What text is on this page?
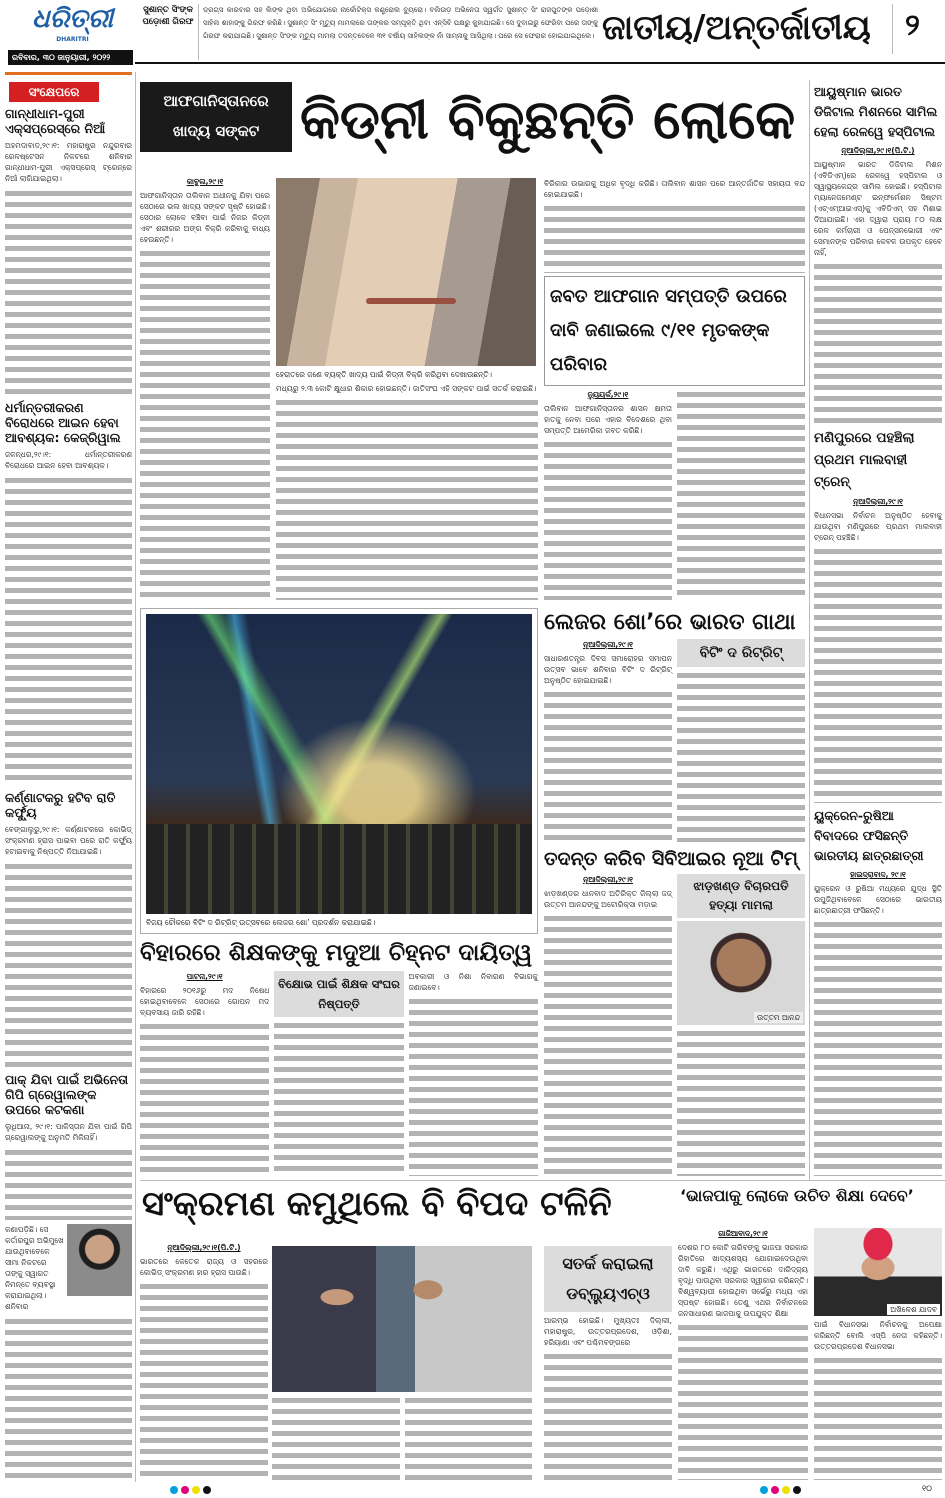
ଧରିତ୍ରୀ
DHARITRI
ରବିବାର, ୩୦ ଜାନୁୟାରୀ, ୨୦୨୨
ସୁଶାନ୍ତ ସିଂଙ୍କ ପଡ଼ୋଶୀ ଗିରଫ
ଡ୍ରଗ୍ସ କାରବାର ସହ ଲିଙ୍କ ଥିବା ଅଭିଯୋଗରେ ନାର୍କୋଟିକ୍ସ କଣ୍ଟ୍ରୋଲ ବ୍ୟୁରୋ। ବଲିଉଡ଼ ଅଭିନେତା ସ୍ୱର୍ଗତ ସୁଶାନ୍ତ ସିଂ ରାଜପୁତଙ୍କ ପଡ଼ୋଶୀ ସାହିଲ ଶାହାଙ୍କୁ ଗିରଫ କରିଛି। ସୁଶାନ୍ତ ସିଂ ମୃତ୍ୟୁ ମାମଲାରେ ତାଙ୍କର ସମ୍ପୃକ୍ତି ଥିବା ଏନ୍‌ସିବି ପକ୍ଷରୁ କୁହାଯାଇଛି। ସେ ଦୁବାଇରୁ ଫେରିବା ପରେ ତାଙ୍କୁ ଗିରଫ କରାଯାଇଛି। ସୁଶାନ୍ତ ସିଂଙ୍କ ମୃତ୍ୟୁ ମାମଲା ତଦନ୍ତବେଳେ ୩୧ ବର୍ଷୀୟ ସାହିଲଙ୍କ ନାଁ ସାମ୍ନାକୁ ଆସିଥିଲା। ପରେ ସେ ଫେରାର ହୋଇଯାଇଥିଲେ। ଜାତୀୟ/ଅନ୍ତର୍ଜାତୀୟ	୨
ସଂକ୍ଷେପରେ
ଗାନ୍ଧୀଧାମ-ପୁରୀ ଏକ୍ସପ୍ରେସ୍‌ରେ ନିଆଁ
ଅହମଦାବାଦ,୨୯।୧: ମହାରାଷ୍ଟ୍ର ନନ୍ଦୁରବାର ରେଳଷ୍ଟେସନ ନିକଟରେ ଶନିବାର ଗାନ୍ଧୀଧାମ-ପୁରୀ ଏକ୍ସପ୍ରେସ୍ ଟ୍ରେନ୍‌ରେ ନିଆଁ ଲାଗିଯାଇଥିଲା।
ଧର୍ମାନ୍ତରୀକରଣ ବିରୋଧରେ ଆଇନ ହେବା ଆବଶ୍ୟକ: କେଜ୍‌ରିୱାଲ
ଜଳନ୍ଧର,୨୯।୧: ଧର୍ମାନ୍ତରୀକରଣ ବିରୋଧରେ ଆଇନ ହେବା ଆବଶ୍ୟକ।
କର୍ଣ୍ଣାଟକରୁ ହଟିବ ରାତି କର୍ଫ୍ୟୁ
ବେଙ୍ଗାଲୁରୁ,୨୯।୧: କର୍ଣ୍ଣାଟକରେ କୋଭିଡ୍ ସଂକ୍ରମଣ ହ୍ରାସ ପାଇବା ପରେ ରାତି କର୍ଫ୍ୟୁ ହଟାଇବାକୁ ନିଷ୍ପତ୍ତି ନିଆଯାଇଛି।
ପାକ୍ ଯିବା ପାଇଁ ଅଭିନେତା ଗିପି ଗ୍ରେୱାଲଙ୍କ ଉପରେ କଟକଣା
ଲୁଧିଆନା, ୨୯।୧: ପାକିସ୍ତାନ ଯିବା ପାଇଁ ଗିପି ଗ୍ରେୱାଲଙ୍କୁ ଅନୁମତି ମିଳିନାହିଁ।
କଣାପଡ଼ିଛି। ସେ କର୍ତାରପୁର ଅଭିମୁଖେ ଯାଉଥିବାବେଳେ ସୀମା ନିକଟରେ ତାଙ୍କୁ ସ୍ୱାଗତ ନିମନ୍ତେ ବ୍ୟବସ୍ଥା କରାଯାଇଥିଲା। ଶନିବାର
ଆଫଗାନିସ୍ତାନରେ ଖାଦ୍ୟ ସଙ୍କଟ କିଡ୍‌ନୀ ବିକୁଛନ୍ତି ଲୋକେ
କାବୁଲ,୨୯।୧
ଆଫଗାନିସ୍ତାନ ତାଲିବାନ ଅଧୀନକୁ ଯିବା ପରେ ସେଠାରେ ଭଲ ଖାଦ୍ୟ ସଙ୍କଟ ସୃଷ୍ଟି ହୋଇଛି। ସେଠାର ଲୋକେ ବଞ୍ଚିବା ପାଇଁ ନିଜର କିଡ୍‌ନୀ ଏବଂ ଶରୀରର ଅଙ୍ଗ ବିକ୍ରି କରିବାକୁ ବାଧ୍ୟ ହେଉଛନ୍ତି।
ହେରାତରେ ଜଣେ ବ୍ୟକ୍ତି ଖାଦ୍ୟ ପାଇଁ କିଡ୍‌ନୀ ବିକ୍ରି କରିଥିବା ଦେଖାଉଛନ୍ତି।
ମଧ୍ୟରୁ ୨.୩ କୋଟି କ୍ଷୁଧାର ଶିକାର ହୋଇଛନ୍ତି। ଜାତିସଂଘ ଏହି ସଙ୍କଟ ପାଇଁ ସତର୍କ କରାଇଛି।
ବିରିକାର ଉଭାରକୁ ଅଧିକ ବୃଦ୍ଧି କରିଛି। ତାଲିବାନ ଶାସନ ପରେ ଆନ୍ତର୍ଜାତିକ ସହାୟତା ବନ୍ଦ ହୋଇଯାଇଛି।
ଜବତ ଆଫଗାନ ସମ୍ପତ୍ତି ଉପରେ ଦାବି ଜଣାଇଲେ ୯/୧୧ ମୃତକଙ୍କ ପରିବାର
ନ୍ୟୁୟର୍କ,୨୯।୧
ତାଲିବାନ ଆଫଗାନିସ୍ତାନର ଶାସନ କ୍ଷମତା ହାତକୁ ନେବା ପରେ ଏହାର ବିଦେଶରେ ଥିବା ସମ୍ପତ୍ତି ଆମେରିକା ଜବତ କରିଛି।
ଆୟୁଷ୍ମାନ ଭାରତ ଡିଜିଟାଲ ମିଶନରେ ସାମିଲ ହେଲା ରେଳୱେ ହସ୍ପିଟାଲ
ନୂଆଦିଲ୍ଲୀ,୨୯।୧(ପି.ଟି.)
ଆୟୁଷ୍ମାନ ଭାରତ ଡିଜିଟାଲ ମିଶନ (ଏବିଡିଏମ୍)ରେ ରେଳୱେ ହସ୍ପିଟାଲ ଓ ସ୍ୱାସ୍ଥ୍ୟକେନ୍ଦ୍ର ସାମିଲ ହୋଇଛି। ହସ୍ପିଟାଲ ମ୍ୟାନେଜମେଣ୍ଟ ଇନ୍‌ଫର୍ମେଶନ ସିଷ୍ଟମ (ଏଚ୍‌ଏମ୍‌ଆଇଏସ୍)କୁ ଏବିଡିଏମ୍ ସହ ମିଶାଇ ଦିଆଯାଇଛି। ଏହା ଦ୍ୱାରା ପ୍ରାୟ ୮୦ ଲକ୍ଷ ରେଳ କର୍ମଚାରୀ ଓ ପେନ୍‌ସନଭୋଗୀ ଏବଂ ସେମାନଙ୍କ ପରିବାର କେବଳ ଉପକୃତ ହେବେ ନାହିଁ,
ମଣିପୁରରେ ପହଞ୍ଚିଲା ପ୍ରଥମ ମାଲବାହୀ ଟ୍ରେନ୍
ନୂଆଦିଲ୍ଲୀ,୨୯।୧
ବିଧାନସଭା ନିର୍ବାଚନ ଅନୁଷ୍ଠିତ ହେବାକୁ ଯାଉଥିବା ମଣିପୁରରେ ପ୍ରଥମ ମାଲବାହୀ ଟ୍ରେନ୍ ପହଞ୍ଚିଛି।
ୟୁକ୍ରେନ-ରୁଷିଆ ବିବାଦରେ ଫସିଛନ୍ତି ଭାରତୀୟ ଛାତ୍ରଛାତ୍ରୀ
ହାଇଦ୍ରାବାଦ, ୨୯।୧
ୟୁକ୍ରେନ ଓ ରୁଷିଆ ମଧ୍ୟରେ ଯୁଦ୍ଧ ସ୍ଥିତି ଉପୁଜିଥିବାବେଳେ ସେଠାରେ ଭାରତୀୟ ଛାତ୍ରଛାତ୍ରୀ ଫସିଛନ୍ତି।
ବିଜୟ ଚୌକରେ ବିଟିଂ ଦ ରିଟ୍ରିଟ୍ ଉତ୍ସବରେ ଲେଜର ଶୋ’ ପ୍ରଦର୍ଶନ କରାଯାଇଛି।
ଲେଜର ଶୋ’ରେ ଭାରତ ଗାଥା
ନୂଆଦିଲ୍ଲୀ,୨୯।୧
ସାଧାରଣତନ୍ତ୍ର ଦିବସ ସମାରୋହର ସମାପନ ଉତ୍ସବ ଭାବେ ଶନିବାର ବିଟିଂ ଦ ରିଟ୍ରିଟ୍ ଅନୁଷ୍ଠିତ ହୋଇଯାଇଛି।
ବିଟିଂ ଦ ରିଟ୍ରିଟ୍
ତଦନ୍ତ କରିବ ସିବିଆଇର ନୂଆ ଟିମ୍
ନୂଆଦିଲ୍ଲୀ,୨୯।୧
ଝାଡ଼ଖଣ୍ଡର ଧାନବାଦ ଅତିରିକ୍ତ ଜିଲ୍ଲା ଜଜ୍ ଉତ୍ତମ ଆନନ୍ଦଙ୍କୁ ଅଟୋରିକ୍ସା ମଡ଼ାଇ
ଝାଡ଼ଖଣ୍ଡ ବିଚାରପତି ହତ୍ୟା ମାମଲା
ଉତ୍ତମ ଆନନ୍ଦ
ବିହାରରେ ଶିକ୍ଷକଙ୍କୁ ମଦୁଆ ଚିହ୍ନଟ ଦାୟିତ୍ୱ
ପାଟନା,୨୯।୧
ବିହାରରେ ୨୦୧୬ରୁ ମଦ ନିଷେଧ ହୋଇଥିବାବେଳେ ସେଠାରେ ଗୋପନ ମଦ ବ୍ୟବସାୟ ଜାରି ରହିଛି।
ବିକ୍ଷୋଭ ପାଇଁ ଶିକ୍ଷକ ସଂଘର ନିଷ୍ପତ୍ତି
ଅବକାରୀ ଓ ନିଶା ନିବାରଣ ବିଭାଗକୁ ଜଣାଇବେ।
ସଂକ୍ରମଣ କମୁଥିଲେ ବି ବିପଦ ଟଳିନି	‘ଭାଜପାକୁ ଲୋକେ ଉଚିତ ଶିକ୍ଷା ଦେବେ’
ନୂଆଦିଲ୍ଲୀ,୨୯।୧(ପି.ଟି.)
ଭାରତରେ କେତେକ ରାଜ୍ୟ ଓ ସହରରେ କୋଭିଡ୍ ସଂକ୍ରମଣ ହାର ହ୍ରାସ ପାଉଛି।	ସତର୍କ କରାଇଲା ଡବ୍ଲ୍ୟୁଏଚ୍‌ଓ
ଆରମ୍ଭ ହୋଇଛି। ମୁଖ୍ୟତଃ ଦିଲ୍ଲୀ, ମହାରାଷ୍ଟ୍ର, ଉତ୍ତରପ୍ରଦେଶ, ଓଡ଼ିଶା, ହରିୟାଣା ଏବଂ ପଶ୍ଚିମବଙ୍ଗରେ
ଗାଜିଆବାଦ,୨୯।୧
ଦେଶର ୮୦ କୋଟି ଗରିବଙ୍କୁ ଭାଜପା ସରକାର ରିହାତିରେ ଖାଦ୍ୟଶସ୍ୟ ଯୋଗାଇଦେଉଥିବା ଦାବି କରୁଛି। ଏଥିରୁ ଭାରତରେ ଦାରିଦ୍ର୍ୟ ବୃଦ୍ଧି ପାଉଥିବା ସରକାର ସ୍ୱୀକାର କରିଛନ୍ତି। ବିଶ୍ୱବ୍ୟାପୀ ହୋଇଥିବା ସର୍ଭେରୁ ମଧ୍ୟ ଏହା ସ୍ପଷ୍ଟ ହୋଇଛି। ତେଣୁ ଏଥର ନିର୍ବାଚନରେ ଜନସାଧାରଣ ଭାଜପାକୁ ଉପଯୁକ୍ତ ଶିକ୍ଷା	ଅଖିଳେଶ ଯାଦବ
ପାଇଁ ବିଧାନସଭା ନିର୍ବାଚନକୁ ଅପେକ୍ଷା କରିଛନ୍ତି ବୋଲି ଏସ୍‌ପି ନେତା କହିଛନ୍ତି। ଉତ୍ତରପ୍ରଦେଶ ବିଧାନସଭା
୧୦
